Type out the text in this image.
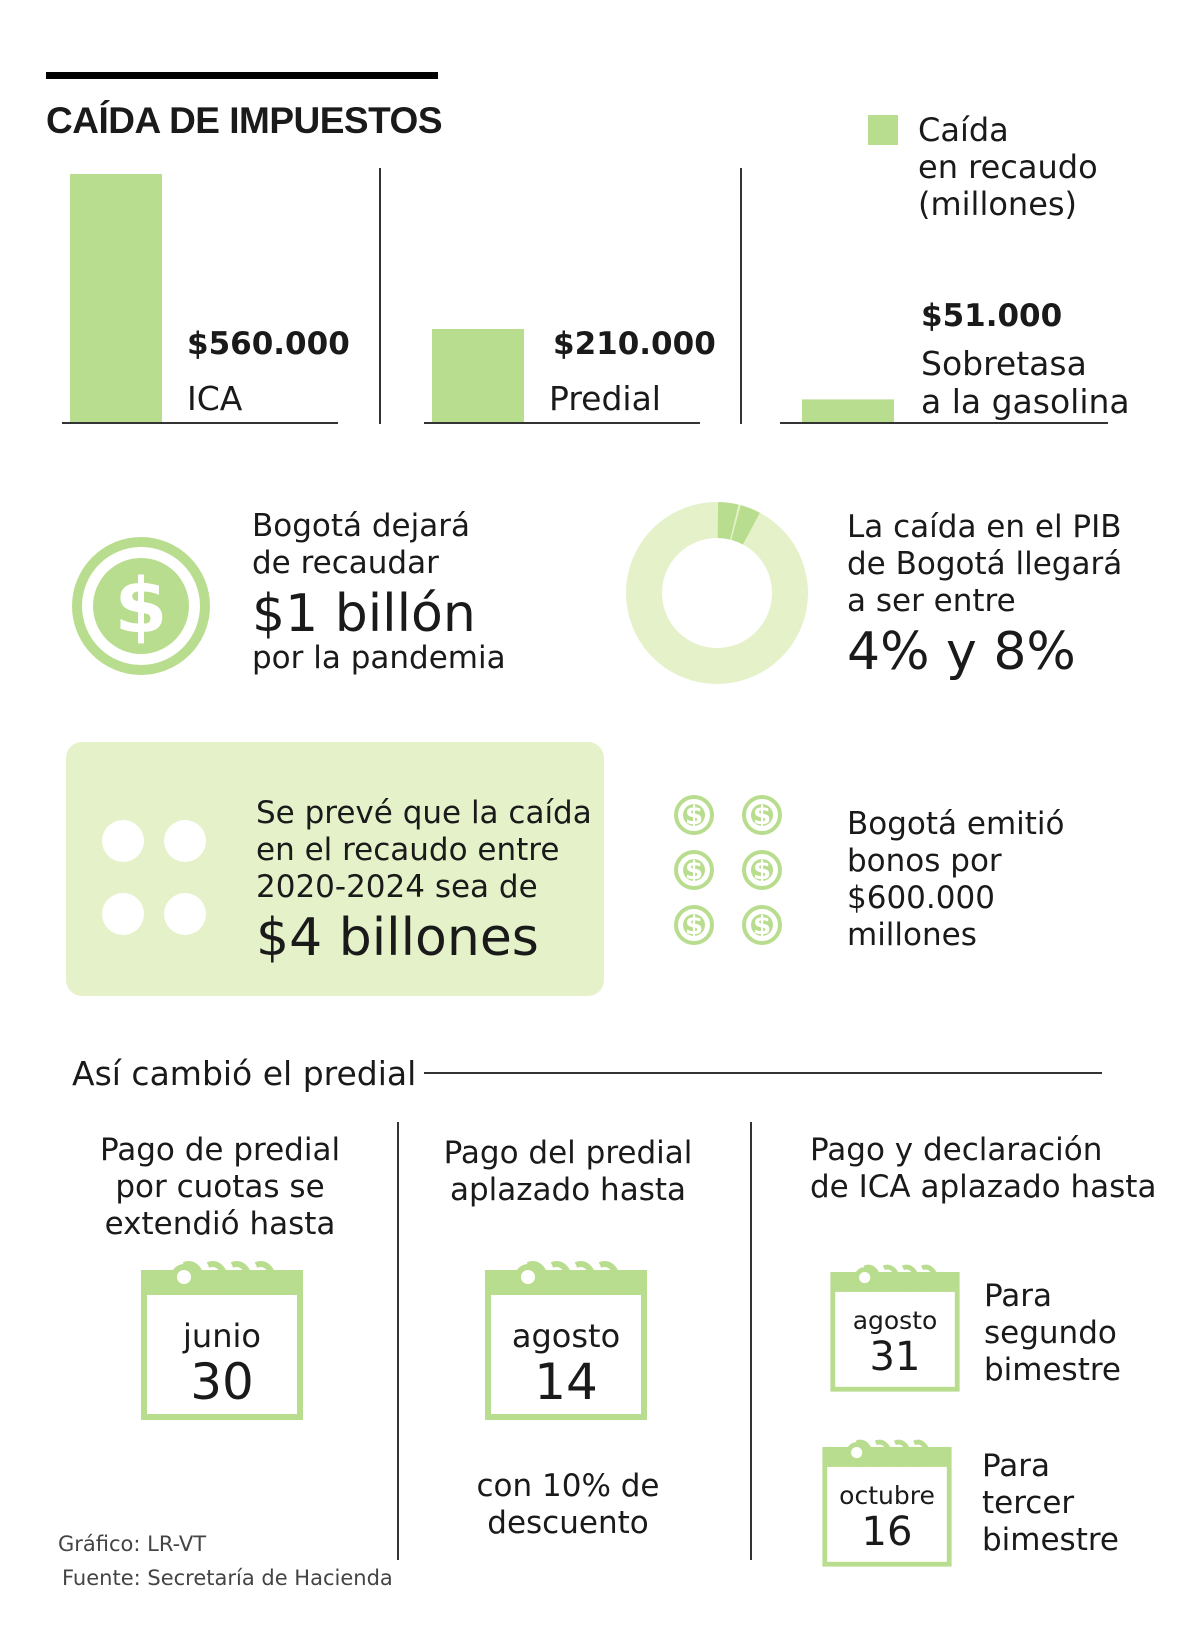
CAÍDA DE IMPUESTOS	Caída
en recaudo
(millones)
$560.000
ICA
$210.000
Predial
$51.000
Sobretasa
a la gasolina
$
Bogotá dejará
de recaudar
$1 billón
por la pandemia
La caída en el PIB
de Bogotá llegará
a ser entre
4% y 8%
Se prevé que la caída
en el recaudo entre
2020-2024 sea de
$4 billones
$ $
$ $
$ $
Bogotá emitió
bonos por
$600.000
millones
Así cambió el predial
Pago de predial
por cuotas se
extendió hasta
junio
30
Pago del predial
aplazado hasta
agosto
14
con 10% de
descuento
Pago y declaración
de ICA aplazado hasta
agosto
31
Para
segundo
bimestre
octubre
16
Para
tercer
bimestre
Gráfico: LR-VT
Fuente: Secretaría de Hacienda
